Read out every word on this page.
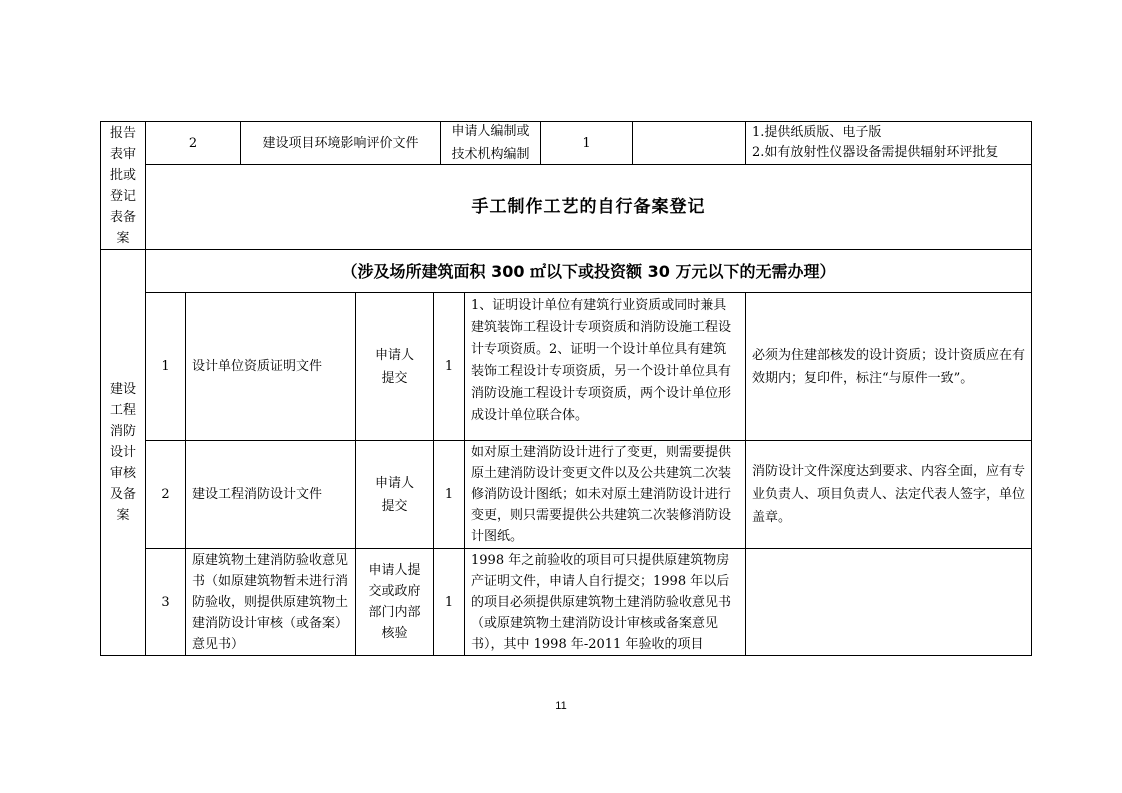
报告表审批或登记表备案
2	建设项目环境影响评价文件
申请人编制或技术机构编制
1
1.提供纸质版、电子版
2.如有放射性仪器设备需提供辐射环评批复
手工制作工艺的自行备案登记
建设工程消防设计审核及备案
（涉及场所建筑面积 300 ㎡以下或投资额 30 万元以下的无需办理）
1 设计单位资质证明文件
申请人提交
1
1、证明设计单位有建筑行业资质或同时兼具建筑装饰工程设计专项资质和消防设施工程设计专项资质。2、证明一个设计单位具有建筑装饰工程设计专项资质，另一个设计单位具有消防设施工程设计专项资质，两个设计单位形成设计单位联合体。
必须为住建部核发的设计资质；设计资质应在有效期内；复印件，标注“与原件一致”。
2 建设工程消防设计文件
申请人提交
1
如对原土建消防设计进行了变更，则需要提供原土建消防设计变更文件以及公共建筑二次装修消防设计图纸；如未对原土建消防设计进行变更，则只需要提供公共建筑二次装修消防设计图纸。
消防设计文件深度达到要求、内容全面，应有专业负责人、项目负责人、法定代表人签字，单位盖章。
3
原建筑物土建消防验收意见书（如原建筑物暂未进行消防验收，则提供原建筑物土建消防设计审核（或备案）意见书）
申请人提交或政府部门内部核验
1
1998 年之前验收的项目可只提供原建筑物房产证明文件，申请人自行提交；1998 年以后的项目必须提供原建筑物土建消防验收意见书（或原建筑物土建消防设计审核或备案意见书），其中 1998 年-2011 年验收的项目
11
